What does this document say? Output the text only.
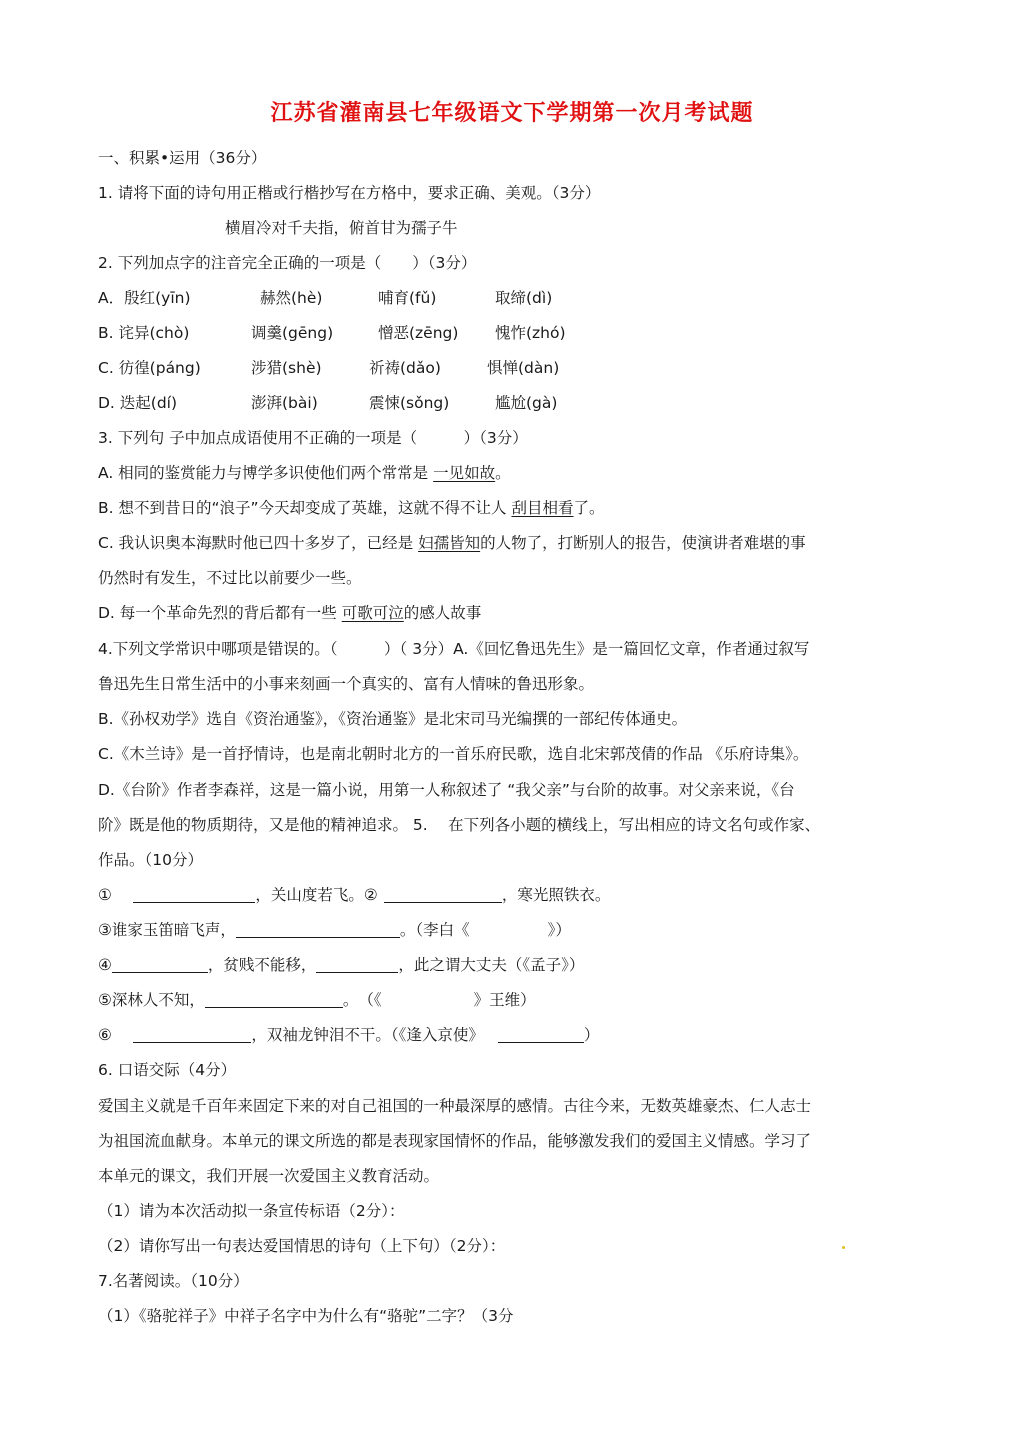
江苏省灌南县七年级语文下学期第一次月考试题
一、积累•运用（36分）
1. 请将下面的诗句用正楷或行楷抄写在方格中，要求正确、美观。（3分）
横眉冷对千夫指，俯首甘为孺子牛
2. 下列加点字的注音完全正确的一项是（　　）（3分）
A．殷红(yīn)	赫然(hè)	哺育(fǔ)	取缔(dì)
B. 诧异(chò)	调羹(gēng)	憎恶(zēng) 愧怍(zhó)
C. 彷徨(páng)	涉猎(shè)	祈祷(dǎo)	惧惮(dàn)
D. 迭起(dí)	澎湃(bài)	震悚(sǒng)	尴尬(gà)
3. 下列句 子中加点成语使用不正确的一项是（　　　）（3分）
A. 相同的鉴赏能力与博学多识使他们两个常常是 一见如故。
B. 想不到昔日的“浪子”今天却变成了英雄，这就不得不让人 刮目相看了。
C. 我认识奥本海默时他已四十多岁了，已经是 妇孺皆知的人物了，打断别人的报告，使演讲者难堪的事
仍然时有发生，不过比以前要少一些。
D. 每一个革命先烈的背后都有一些 可歌可泣的感人故事
4.下列文学常识中哪项是错误的。（　　　）（ 3分）A.《回忆鲁迅先生》是一篇回忆文章，作者通过叙写
鲁迅先生日常生活中的小事来刻画一个真实的、富有人情味的鲁迅形象。
B.《孙权劝学》选自《资治通鉴》，《资治通鉴》是北宋司马光编撰的一部纪传体通史。
C.《木兰诗》是一首抒情诗，也是南北朝时北方的一首乐府民歌，选自北宋郭茂倩的作品 《乐府诗集》。
D.《台阶》作者李森祥，这是一篇小说，用第一人称叙述了 “我父亲”与台阶的故事。对父亲来说，《台
阶》既是他的物质期待，又是他的精神追求。 5.　 在下列各小题的横线上，写出相应的诗文名句或作家、
作品。（10分）
①　	，关山度若飞。②	，寒光照铁衣。
③谁家玉笛暗飞声，	。（李白《	》）
④	，贫贱不能移，	，此之谓大丈夫（《孟子》）
⑤深林人不知，	。　（《	》王维）
⑥　	，双袖龙钟泪不干。（《逢入京使》	）
6. 口语交际（4分）
爱国主义就是千百年来固定下来的对自己祖国的一种最深厚的感情。古往今来，无数英雄豪杰、仁人志士
为祖国流血献身。本单元的课文所选的都是表现家国情怀的作品，能够激发我们的爱国主义情感。学习了
本单元的课文，我们开展一次爱国主义教育活动。
（1）请为本次活动拟一条宣传标语（2分）：
（2）请你写出一句表达爱国情思的诗句（上下句）（2分）：
7.名著阅读。（10分）
（1）《骆驼祥子》中祥子名字中为什么有“骆驼”二字？（3分
